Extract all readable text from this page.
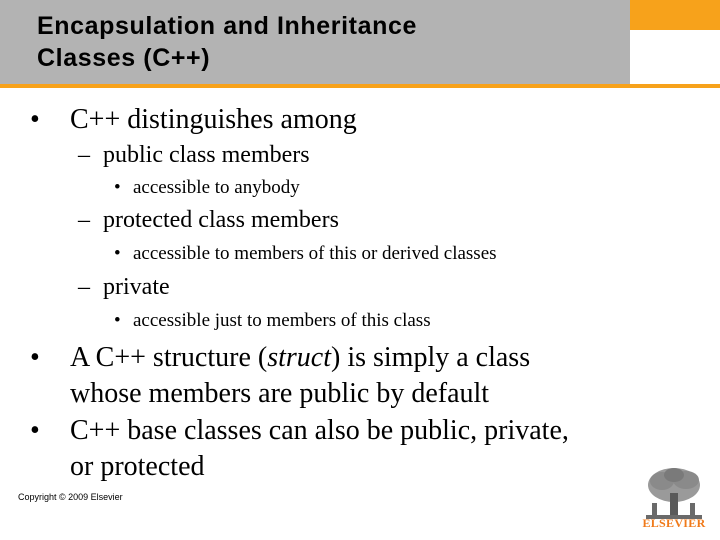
Encapsulation and Inheritance
Classes (C++)
• C++ distinguishes among
– public class members
• accessible to anybody
– protected class members
• accessible to members of this or derived classes
– private
• accessible just to members of this class
• A C++ structure (struct) is simply a class
whose members are public by default
• C++ base classes can also be public, private,
or protected
Copyright © 2009 Elsevier
ELSEVIER
